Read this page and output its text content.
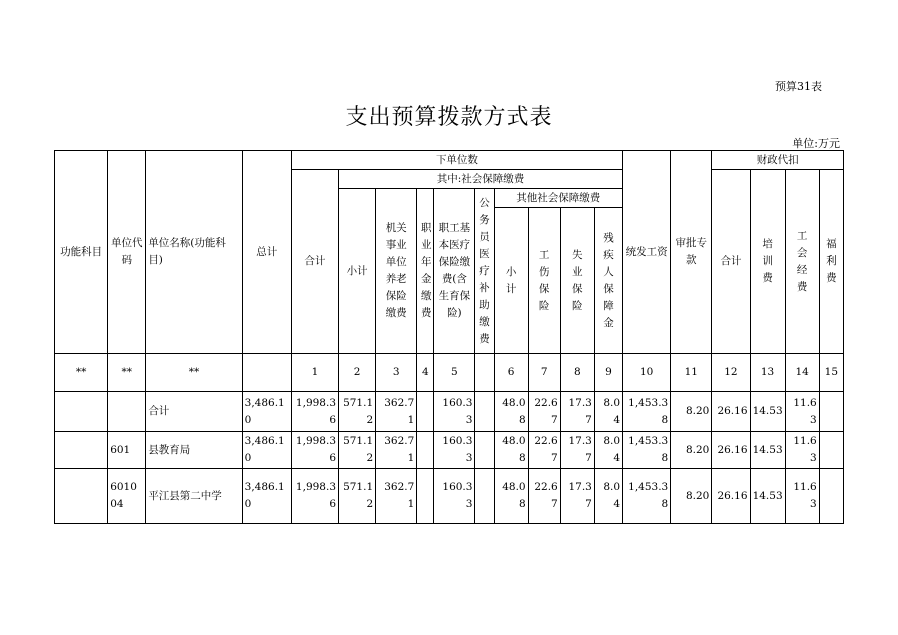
预算31表
支出预算拨款方式表
单位:万元
功能科目	单位代码	单位名称(功能科目)	总计	下单位数										统发工资	审批专款	财政代扣			
				合计	其中:社会保障缴费											合计	培训费	工会经费	福利费
					小计	机关事业单位养老保险缴费	职业年金缴费	职工基本医疗保险缴费(含生育保险)	公务员医疗补助缴费	其他社会保障缴费									
										小计	工伤保险	失业保险	残疾人保障金						
**	**	**		1	2	3	4	5		6	7	8	9	10	11	12	13	14	15

		合计	3,486.10	1,998.36	571.12	362.71		160.33		48.08	22.67	17.37	8.04	1,453.38	8.20	26.16	14.53	11.63	

	601	县教育局	3,486.10	1,998.36	571.12	362.71		160.33		48.08	22.67	17.37	8.04	1,453.38	8.20	26.16	14.53	11.63	

	601004	平江县第二中学	3,486.10	1,998.36	571.12	362.71		160.33		48.08	22.67	17.37	8.04	1,453.38	8.20	26.16	14.53	11.63	
